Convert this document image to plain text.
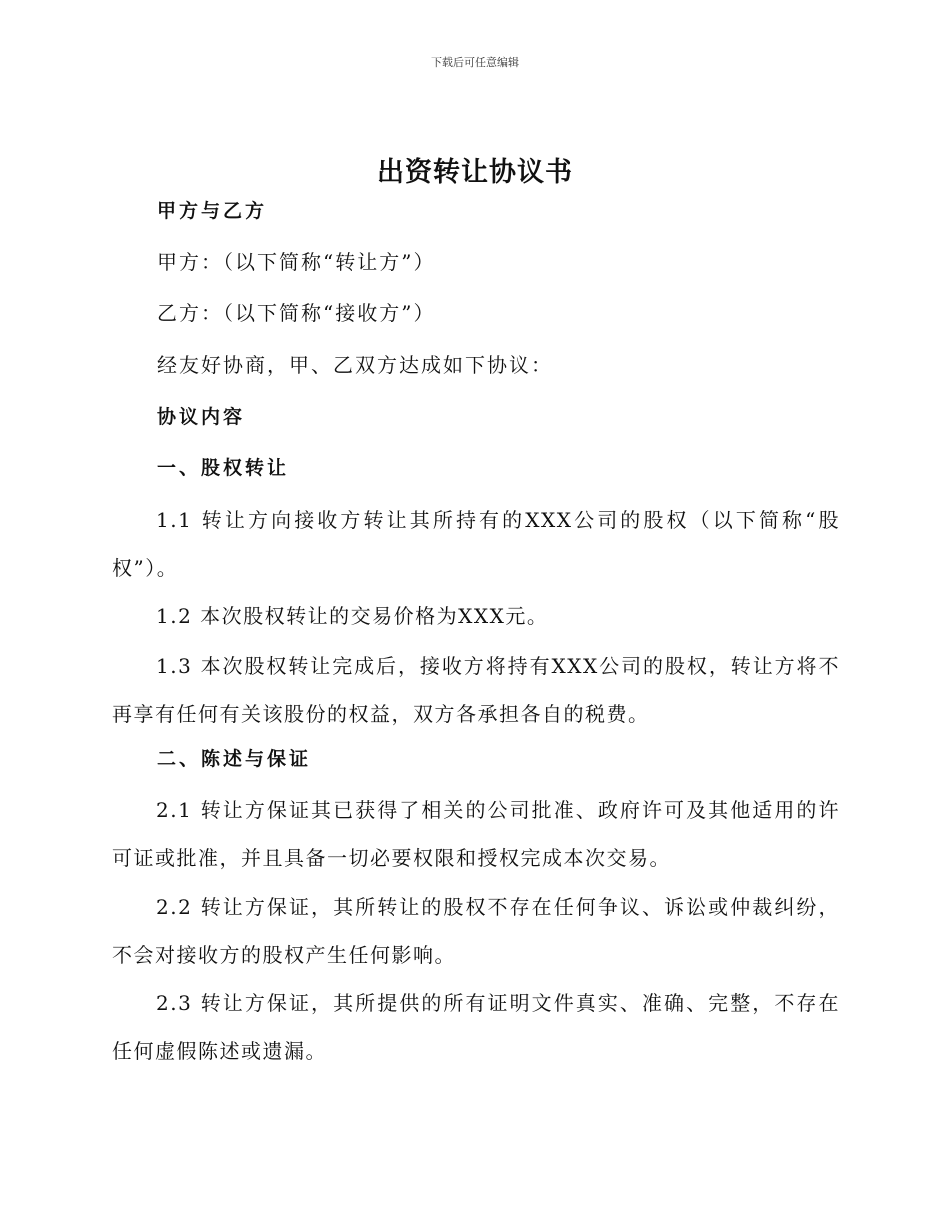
下载后可任意编辑
出资转让协议书
甲方与乙方
甲方：（以下简称“转让方”）
乙方：（以下简称“接收方”）
经友好协商，甲、乙双方达成如下协议：
协议内容
一、股权转让
1.1 转让方向接收方转让其所持有的XXX公司的股权（以下简称“股权”）。
1.2 本次股权转让的交易价格为XXX元。
1.3 本次股权转让完成后，接收方将持有XXX公司的股权，转让方将不再享有任何有关该股份的权益，双方各承担各自的税费。
二、陈述与保证
2.1 转让方保证其已获得了相关的公司批准、政府许可及其他适用的许可证或批准，并且具备一切必要权限和授权完成本次交易。
2.2 转让方保证，其所转让的股权不存在任何争议、诉讼或仲裁纠纷，不会对接收方的股权产生任何影响。
2.3 转让方保证，其所提供的所有证明文件真实、准确、完整，不存在任何虚假陈述或遗漏。
